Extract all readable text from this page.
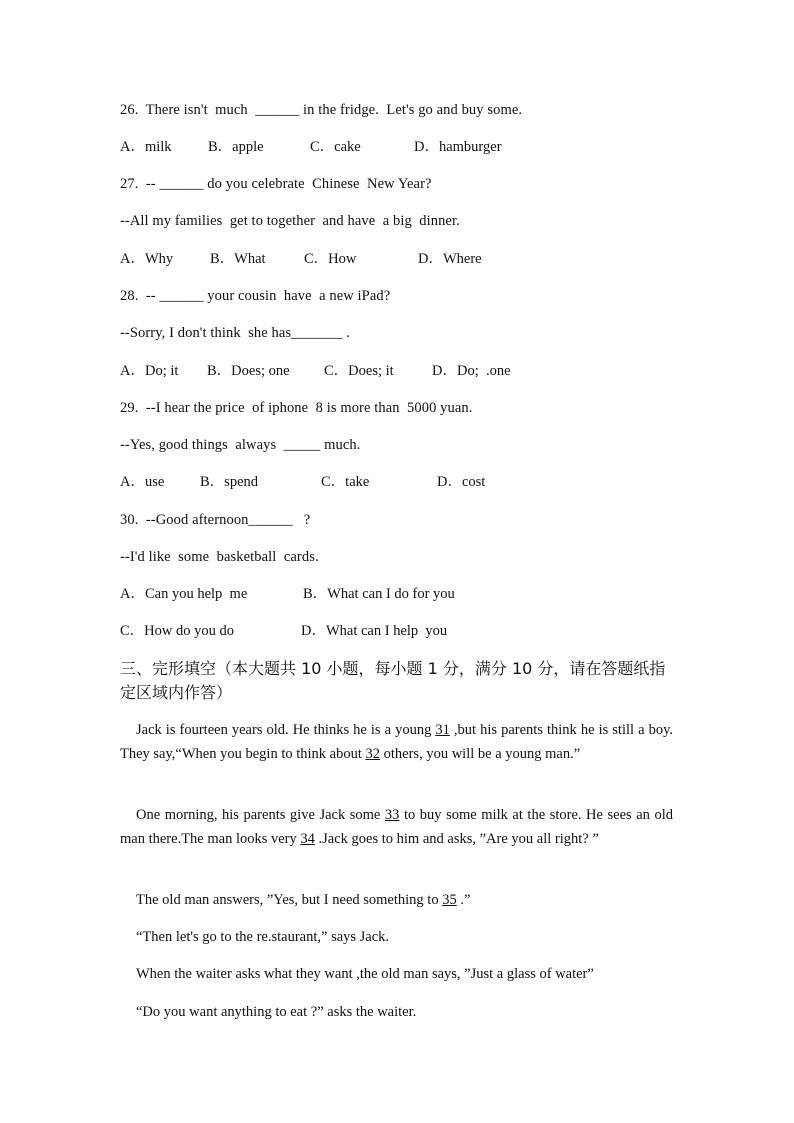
26.  There isn't  much  ______ in the fridge.  Let's go and buy some.
A．milk	B．apple	C．cake	D．hamburger
27.  -- ______ do you celebrate  Chinese  New Year?
--All my families  get to together  and have  a big  dinner.
A．Why	B．What	C．How	D．Where
28.  -- ______ your cousin  have  a new iPad?
--Sorry, I don't think  she has_______ .
A．Do; it B．Does; one C．Does; it	D．Do;  .one
29.  --I hear the price  of iphone  8 is more than  5000 yuan.
--Yes, good things  always  _____ much.
A．use B．spend	C．take	D．cost
30.  --Good afternoon______   ?
--I'd like  some  basketball  cards.
A．Can you help  me	B．What can I do for you
C．How do you do	D．What can I help  you
三、完形填空（本大题共 10 小题，每小题 1 分，满分 10 分，请在答题纸指定区域内作答）
Jack is fourteen years old. He thinks he is a young 31 ,but his parents think he is still a boy. They say,“When you begin to think about 32 others, you will be a young man.”
One morning, his parents give Jack some 33 to buy some milk at the store. He sees an old man there.The man looks very 34 .Jack goes to him and asks, ”Are you all right? ”
The old man answers, ”Yes, but I need something to 35 .”
“Then let's go to the re.staurant,” says Jack.
When the waiter asks what they want ,the old man says, ”Just a glass of water”
“Do you want anything to eat ?” asks the waiter.
